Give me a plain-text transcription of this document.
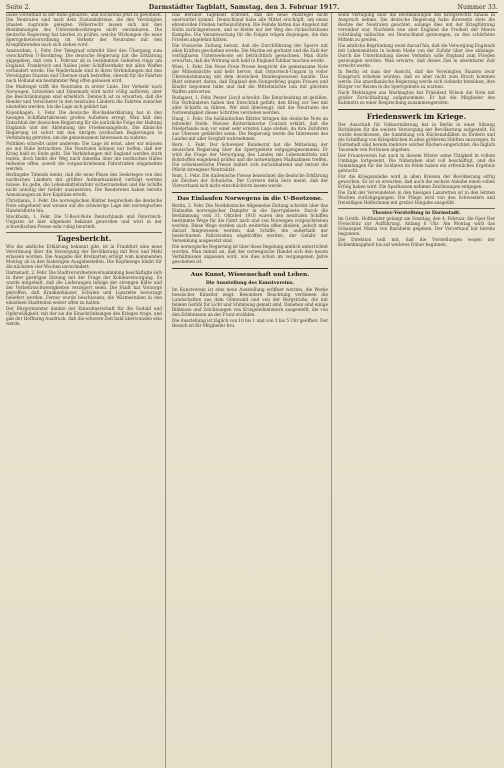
Seite 2.	Darmstädter Tagblatt, Samstag, den 3. Februar 1917.	Nummer 33.

laube vorenthält in der Ruhe gehalten, und höchstens jetzt zu gewinnen. Die Neutralen sind nach dem Zustandskreise, die den Vereinigten Staaten zugrunde gelegten Völkerrecht lassen sich mit den Bestimmungen des Unterseebootkrieges nicht vereinbaren. Die deutsche Regierung hat hierbei zu prüfen, welche Wirkungen die neue Sperrgebietsverordnung im Verkehr der Neutralen mit den Kriegführenden nach sich ziehen wird.

Amsterdam, 1. Febr. Der Telegraaf schreibt über den Übergang zum verschärften U-Bootkrieg: Die deutsche Regierung hat die Erklärung abgegeben, daß vom 1. Februar ab in bestimmten Gebieten rings um England, Frankreich und Italien jeder Schiffsverkehr mit allen Waffen verhindert werde. Die Niederlande sind in ihren Verbindungen mit den Vereinigten Staaten und Übersee stark betroffen, obwohl für die Fahrten nach Holland ein bestimmter Weg offen gelassen wird.

Die Maßregel trifft die Neutralen in erster Linie. Der Verkehr nach Norwegen, Schweden und Dänemark wird nicht völlig aufhören, aber die Beschränkungen sind erheblich. Dennoch ist zu erwarten, daß die Reeder und Versicherer in den neutralen Ländern die Fahrten zunächst einstellen werden, bis die Lage sich geklärt hat.

Kopenhagen, 1. Febr. Die deutsche Blockadeerklärung hat in den hiesigen Schiffahrtskreisen großes Aufsehen erregt. Man hält den Entschluß der deutschen Regierung für die natürliche Folge der Haltung Englands und der Ablehnung des Friedensangebots. Die dänische Regierung ist sofort mit den übrigen nordischen Regierungen in Verbindung getreten, um die gemeinsamen Interessen zu wahren.

Politiken schreibt unter anderem: Die Lage ist ernst, aber wir müssen sie mit Ruhe betrachten. Die Neutralen können nur hoffen, daß der Krieg bald zu Ende geht. Die Verbindungen mit England werden stark leiden, doch bleibt der Weg nach Amerika über die nordischen Häfen teilweise offen, soweit die vorgeschriebenen Fahrstraßen eingehalten werden.

Berlingske Tidende meint, daß die neue Phase des Seekrieges von den nordischen Ländern mit größter Aufmerksamkeit verfolgt werden müsse. Es gelte, die Lebensmittelzufuhr sicherzustellen und die Schiffe nicht unnötig der Gefahr auszusetzen. Die Reedereien haben bereits Anweisungen an ihre Kapitäne erteilt.

Christiania, 1. Febr. Die norwegischen Blätter besprechen die deutsche Note eingehend und weisen auf die schwierige Lage der norwegischen Handelsflotte hin.

Stockholm, 1. Febr. Die U-Boot-Note Deutschlands und Österreich-Ungarns ist hier allgemein bekannt geworden und wird in der schwedischen Presse sehr ruhig beurteilt.

Tagesbericht.

Wie die amtliche Erklärung bekannt gibt, ist in Frankfurt eine neue Verordnung über die Versorgung der Bevölkerung mit Brot und Mehl erlassen worden. Die Ausgabe der Brotkarten erfolgt vom kommenden Montag ab in den bisherigen Ausgabestellen. Die Kopfmenge bleibt für die nächsten vier Wochen unverändert.

Darmstadt, 2. Febr. Die Stadtverordnetenversammlung beschäftigte sich in ihrer gestrigen Sitzung mit der Frage der Kohlenversorgung. Es wurde mitgeteilt, daß die Lieferungen infolge der strengen Kälte und der Verkehrsschwierigkeiten verzögert seien. Die Stadt hat Vorsorge getroffen, daß Krankenhäuser, Schulen und Lazarette bevorzugt beliefert werden. Ferner wurde beschlossen, die Wärmestuben in den einzelnen Stadtteilen weiter offen zu halten.

Der Bürgermeister dankte der Einwohnerschaft für die Geduld und Opferwilligkeit, mit der sie die Einschränkungen des Krieges trage, und gab der Hoffnung Ausdruck, daß die schwere Zeit bald überwunden sein werde.

Das Berliner Tageblatt schreibt, daß die neue Maßregel nicht unerwartet kommt. Deutschland habe alle Mittel erschöpft, um einen ehrenvollen Frieden herbeizuführen. Die Feinde hätten das Angebot mit Hohn zurückgewiesen, und so bleibe nur der Weg des rücksichtslosen Kampfes. Die Verantwortung für die Folgen trügen diejenigen, die den Frieden abgelehnt hätten.

Die Vossische Zeitung betont, daß die Durchführung der Sperre mit allen Kräften geschehen werde. Die Marine sei gerüstet und die Zahl der verfügbaren Unterseeboote sei beträchtlich gewachsen. Man dürfe erwarten, daß die Wirkung sich bald in England fühlbar machen werde.

Wien, 1. Febr. Die Neue Freie Presse bespricht die gemeinsame Note der Mittelmächte und hebt hervor, daß Österreich-Ungarn in voller Übereinstimmung mit dem deutschen Bundesgenossen handle. Das Blatt erinnert daran, daß England den Hungerkrieg gegen Frauen und Kinder begonnen habe und daß die Mittelmächte nun mit gleichen Waffen antworten.

Budapest, 1. Febr. Pester Lloyd schreibt: Die Entscheidung ist gefallen. Die Verbündeten haben den Entschluß gefaßt, den Krieg zur See mit aller Schärfe zu führen. Wir sind überzeugt, daß die Neutralen die Notwendigkeit dieses Schrittes verstehen werden.

Haag, 1. Febr. Die holländischen Blätter bringen die deutsche Note an leitender Stelle. Nieuwe Rotterdamsche Courant erklärt, daß die Niederlande nun vor einer sehr ernsten Lage stehen, da ihre Zufuhren aus Übersee gefährdet seien. Die Regierung werde die Interessen des Landes mit aller Sorgfalt wahrnehmen.

Bern, 1. Febr. Der Schweizer Bundesrat hat die Mitteilung der deutschen Regierung über die Sperrgebiete entgegengenommen. Er wird die Frage der Versorgung des Landes mit Lebensmitteln und Rohstoffen eingehend prüfen und die notwendigen Maßnahmen treffen. Die schweizerische Presse äußert sich zurückhaltend und betont die Pflicht strengster Neutralität.

Rom, 1. Febr. Die italienische Presse bezeichnet die deutsche Erklärung als Zeichen der Schwäche. Der Corriere della Sera meint, daß der Vierverband sich nicht einschüchtern lassen werde.

Das Einlaufen Norwegens in die U-Bootzone.

Berlin, 2. Febr. Die Norddeutsche Allgemeine Zeitung schreibt über das Einlaufen norwegischer Dampfer in die Sperrgebiete: Durch die Bestimmung vom 31. Oktober 1916 waren den neutralen Schiffen bestimmte Wege für die Fahrt nach und von Norwegen vorgeschrieben worden. Diese Wege werden auch weiterhin offen bleiben, jedoch muß darauf hingewiesen werden, daß Schiffe, die außerhalb der bezeichneten Fahrstraßen angetroffen werden, der Gefahr der Versenkung ausgesetzt sind.

Die norwegische Regierung ist über diese Regelung amtlich unterrichtet worden. Man nimmt an, daß der norwegische Handel sich den neuen Verhältnissen anpassen wird, wie dies schon im vergangenen Jahre geschehen ist.

Aus Kunst, Wissenschaft und Leben.
Die Ausstellung des Kunstvereins.

Im Kunstverein ist eine neue Ausstellung eröffnet worden, die Werke hessischer Künstler zeigt. Besondere Beachtung verdienen die Landschaften aus dem Odenwald und von der Bergstraße, die mit feinem Gefühl für Licht und Stimmung gemalt sind. Daneben sind einige Bildnisse und Zeichnungen von Kriegsteilnehmern ausgestellt, die von den Erlebnissen an der Front erzählen.

Die Ausstellung ist täglich von 10 bis 1 und von 3 bis 5 Uhr geöffnet. Der Besuch ist für Mitglieder frei.

seine Verfügung über die Bestimmungen des Kriegsrechts hinaus in Anspruch nehme. Die deutsche Regierung habe ihrerseits stets die Rechte der Neutralen geachtet, solange dies mit der Kriegführung vereinbar war. Nachdem nun aber England die Freiheit der Meere vollständig mißachte, sei Deutschland gezwungen, zu den schärfsten Mitteln zu greifen.

Die amtliche Begründung weist darauf hin, daß die Versorgung Englands mit Lebensmitteln in hohem Maße von der Zufuhr über See abhänge. Durch die Unterbindung dieses Verkehrs solle England zum Frieden gezwungen werden. Man erwarte, daß dieses Ziel in absehbarer Zeit erreicht werde.

In Berlin ist man der Ansicht, daß die Vereinigten Staaten zwar Einspruch erheben würden, daß es aber nicht zum Bruch kommen werde. Die amerikanische Regierung werde sich vielmehr bemühen, ihre Bürger vor Reisen in die Sperrgebiete zu warnen.

Nach Meldungen aus Washington hat Präsident Wilson die Note mit großer Zurückhaltung aufgenommen. Er hat die Mitglieder des Kabinetts zu einer Besprechung zusammengerufen.

Friedenswerk im Kriege.

Der Ausschuß für Volksernährung hat in Berlin in einer Sitzung Richtlinien für die weitere Versorgung der Bevölkerung aufgestellt. Es wurde beschlossen, die Sammlung von Küchenabfällen zu fördern und die Schaffung von Kriegsküchen in allen größeren Städten anzuregen. In Darmstadt sind bereits mehrere solcher Küchen eingerichtet, die täglich Tausende von Portionen abgeben.

Der Frauenverein hat auch in diesem Winter seine Tätigkeit in vollem Umfange fortgesetzt. Die Nähstuben sind voll beschäftigt, und die Sammlungen für die Soldaten im Felde haben ein erfreuliches Ergebnis gebracht.

Für die Kriegsanleihe wird in allen Kreisen der Bevölkerung eifrig geworben. Es ist zu erwarten, daß auch die sechste Anleihe einen vollen Erfolg haben wird. Die Sparkassen nehmen Zeichnungen entgegen.

Die Zahl der Verwundeten in den hiesigen Lazaretten ist in den letzten Wochen zurückgegangen. Die Pflege wird von den Schwestern und freiwilligen Helferinnen mit großer Hingabe ausgeübt.

Theater-Vorstellung in Darmstadt.

Im Großh. Hoftheater gelangt am Sonntag, den 4. Februar, die Oper Der Freischütz zur Aufführung. Anfang 6 Uhr. Am Montag wird das Schauspiel Minna von Barnhelm gegeben. Der Vorverkauf hat bereits begonnen.

Die Direktion teilt mit, daß die Vorstellungen wegen der Kohlenknappheit bis auf weiteres früher beginnen.
